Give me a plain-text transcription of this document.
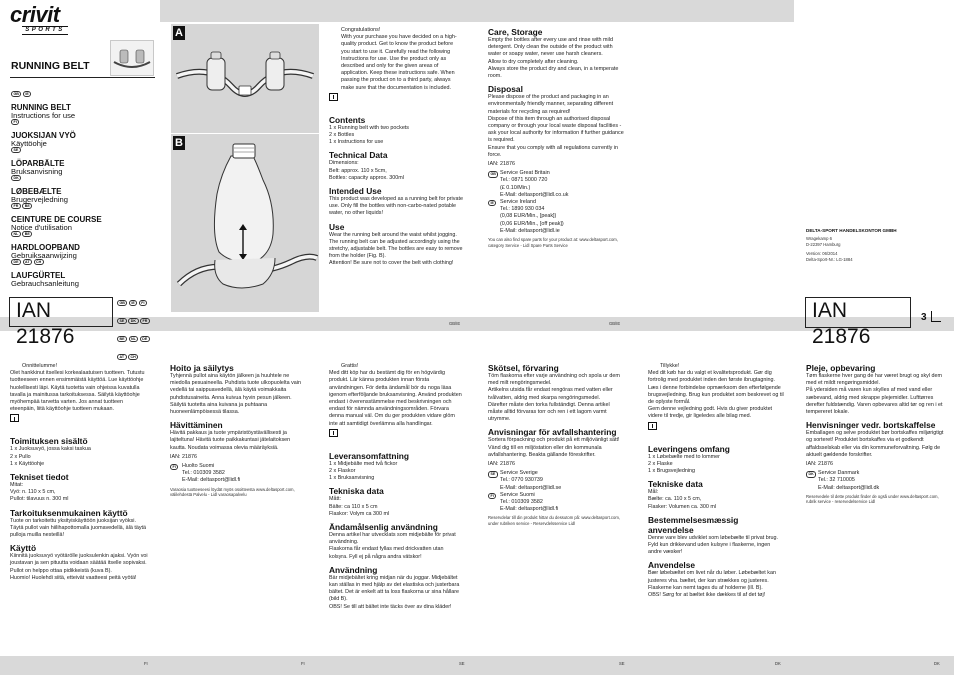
crivit
SPORTS
RUNNING BELT
GB IE
RUNNING BELT
Instructions for use
FI
JUOKSIJAN VYÖ
Käyttöohje
SE
LÖPARBÄLTE
Bruksanvisning
DK
LØBEBÆLTE
Brugervejledning
FR BE
CEINTURE DE COURSE
Notice d'utilisation
NL BE
HARDLOOPBAND
Gebruiksaanwijzing
DE AT CH
LAUFGÜRTEL
Gebrauchsanleitung
IAN 21876
GB IE FI SE DK FR BE NL DE AT CH
A
B
Congratulations!
With your purchase you have decided on a high-quality product. Get to know the product before you start to use it. Carefully read the following Instructions for use. Use the product only as described and only for the given areas of application. Keep these instructions safe. When passing the product on to a third party, always make sure that the documentation is included.
Contents
1 x Running belt with two pockets
2 x Bottles
1 x Instructions for use
Technical Data
Dimensions:
Belt: approx. 110 x 5cm,
Bottles: capacity approx. 300ml
Intended Use
This product was developed as a running belt for private use. Only fill the bottles with non-carbo-nated potable water, no other liquids!
Use
Wear the running belt around the waist whilst jogging. The running belt can be adjusted accordingly using the stretchy, adjustable belt. The bottles are easy to remove from the holder (Fig. B).
Attention! Be sure not to cover the belt with clothing!
Care, Storage
Empty the bottles after every use and rinse with mild detergent. Only clean the outside of the product with water or soapy water, never use harsh cleaners.
Allow to dry completely after cleaning.
Always store the product dry and clean, in a temperate room.
Disposal
Please dispose of the product and packaging in an environmentally friendly manner, separating different materials for recycling as required!
Dispose of this item through an authorised disposal company or through your local waste disposal facilities - ask your local authority for information if further guidance is required.
Ensure that you comply with all regulations currently in force.
IAN: 21876
GB Service Great Britain
Tel.: 0871 5000 720
(£ 0.10/Min.)
E-Mail: deltasport@lidl.co.uk
IE	Service Ireland
Tel.: 1890 930 034
(0,08 EUR/Min., [peak])
(0,06 EUR/Min., [off peak])
E-Mail: deltasport@lidl.ie
You can also find spare parts for your product at: www.deltasport.com, category Service - Lidl Spare Parts Service
DELTA-SPORT HANDELSKONTOR GMBH
Wragekamp 6
D-22397 Hamburg
Version: 06/2014
Delta-Sport-Nr.: LG-1884
IAN 21876
3
GB/IE	GB/IE
Onnittelumme!
Olet hankkinut itsellesi korkealaatuisen tuotteen. Tutustu tuotteeseen ennen ensimmäistä käyttöä. Lue käyttöohje huolellisesti läpi. Käytä tuotetta vain ohjeissa kuvatulla tavalla ja mainitussa tarkoituksessa. Säilytä käyttöohje myöhempää tarvetta varten. Jos annat tuotteen eteenpäin, liitä käyttöohje tuotteen mukaan.
Toimituksen sisältö
1 x Juoksuvyö, jossa kaksi taskua
2 x Pullo
1 x Käyttöohje
Tekniset tiedot
Mitat:
Vyö: n. 110 x 5 cm,
Pullot: tilavuus n. 300 ml
Tarkoituksenmukainen käyttö
Tuote on tarkoitettu yksityiskäyttöön juoksijan vyöksi. Täytä pullot vain hiilihapottomalla juomavedellä, älä täytä pulloja muilla nesteillä!
Käyttö
Kiinnitä juoksuvyö vyötärölle juoksulenkin ajaksi. Vyön voi joustavan ja sen pituutta voidaan säätää itselle sopivaksi. Pullot on helppo ottaa pidikkeistä (kuva B).
Huomio! Huolehdi siitä, etteivät vaatteesi peitä vyötä!
Hoito ja säilytys
Tyhjennä pullot aina käytön jälkeen ja huuhtele ne miedolla pesuaineella. Puhdista tuote ulkopuolelta vain vedellä tai saippuavedellä, älä käytä voimakkaita puhdistusaineita. Anna kuivua hyvin pesun jälkeen. Säilytä tuotetta aina kuivana ja puhtaana huoneenlämpöisessä tilassa.
Hävittäminen
Hävitä pakkaus ja tuote ympäristöystävällisesti ja lajiteltuna! Hävitä tuote paikkakuntasi jätelaitoksen kautta. Noudata voimassa olevia määräyksiä.
IAN: 21876
FI	Huolto Suomi
Tel.: 010309 3582
E-Mail: deltasport@lidl.fi
Varaosia tuotteeseesi löydät myös osoitteesta www.deltasport.com, välilehdestä Palvelu - Lidl varaosapalvelu
Grattis!
Med ditt köp har du bestämt dig för en högvärdig produkt. Lär känna produkten innan första användningen. För detta ändamål bör du noga läsa igenom efterföljande bruksanvisning. Använd produkten endast i överensstämmelse med beskrivningen och endast för nämnda användningsområden. Förvara denna manual väl. Om du ger produkten vidare glöm inte att samtidigt överlämna alla handlingar.
Leveransomfattning
1 x Midjebälte med två fickor
2 x Flaskor
1 x Bruksanvisning
Tekniska data
Mått:
Bälte: ca 110 x 5 cm
Flaskor: Volym ca 300 ml
Ändamålsenlig användning
Denna artikel har utvecklats som midjebälte för privat användning.
Flaskorna får endast fyllas med drickvatten utan kolsyra. Fyll ej på några andra vätskor!
Användning
Bär midjebältet kring midjan när du joggar. Midjebältet kan ställas in med hjälp av det elastiska och justerbara bältet. Det är enkelt att ta loss flaskorna ur sina hållare (bild B).
OBS! Se till att bältet inte täcks över av dina kläder!
Skötsel, förvaring
Töm flaskorna efter varje användning och spola ur dem med milt rengöringsmedel.
Artikelns utsida får endast rengöras med vatten eller tvålvatten, aldrig med skarpa rengöringsmedel.
Därefter måste den torka fullständigt. Denna artikel måste alltid förvaras torr och ren i ett lagom varmt utrymme.
Anvisningar för avfallshantering
Sortera förpackning och produkt på ett miljövänligt sätt! Vänd dig till en miljöstation eller din kommunala avfallshantering. Beakta gällande föreskrifter.
IAN: 21876
SE Service Sverige
Tel.: 0770 930739
E-Mail: deltasport@lidl.se
FI	Service Suomi
Tel.: 010309 3582
E-Mail: deltasport@lidl.fi
Reservdelar till din produkt hittar du dessutom på: www.deltasport.com, under rubriken service - Reservdelsservice Lidl
Tillykke!
Med dit køb har du valgt et kvalitetsprodukt. Gør dig fortrolig med produktet inden den første ibrugtagning.
Læs i denne forbindelse opmærksom den efterfølgende brugsvejledning. Brug kun produktet som beskrevet og til de oplyste formål.
Gem denne vejledning godt. Hvis du giver produktet videre til tredje, gir ligeledes alle bilag med.
Leveringens omfang
1 x Løbebælte med to lommer
2 x Flaske
1 x Brugsvejledning
Tekniske data
Mål:
Bælte: ca. 110 x 5 cm,
Flasker: Volumen ca. 300 ml
Bestemmelsesmæssig anvendelse
Denne vare blev udviklet som løbebælte til privat brug.
Fyld kun drikkevand uden kulsyre i flaskerne, ingen andre væsker!
Anvendelse
Bær løbebæltet om livet når du løber. Løbebæltet kan justeres vha. bæltet, der kan strækkes og justeres. Flaskerne kan nemt tages du af holderne (ill. B).
OBS! Sørg for at bæltet ikke dækkes til af det tøj!
Pleje, opbevaring
Tøm flaskerne hver gang de har været brugt og skyl dem med et mildt rengøringsmiddel.
På ydersiden må varen kun skylles af med vand eller sæbevand, aldrig med skrappe plejemidler. Lufttørres derefter fuldstændig. Varen opbevares altid tør og ren i et tempereret lokale.
Henvisninger vedr. bortskaffelse
Emballagen og selve produktet bør bortskaffes miljørigtigt og sorteret! Produktet bortskaffes via et godkendt affaldsselskab eller via din kommuneforvaltning. Følg de aktuelt gældende forskrifter.
IAN: 21876
DK Service Danmark
Tel.: 32 710005
E-Mail: deltasport@lidl.dk
Reservedele til dette produkt finder de også under www.deltasport.com, rubrik service - reservedelservice Lidl
FI	FI	SE	SE	DK	DK
